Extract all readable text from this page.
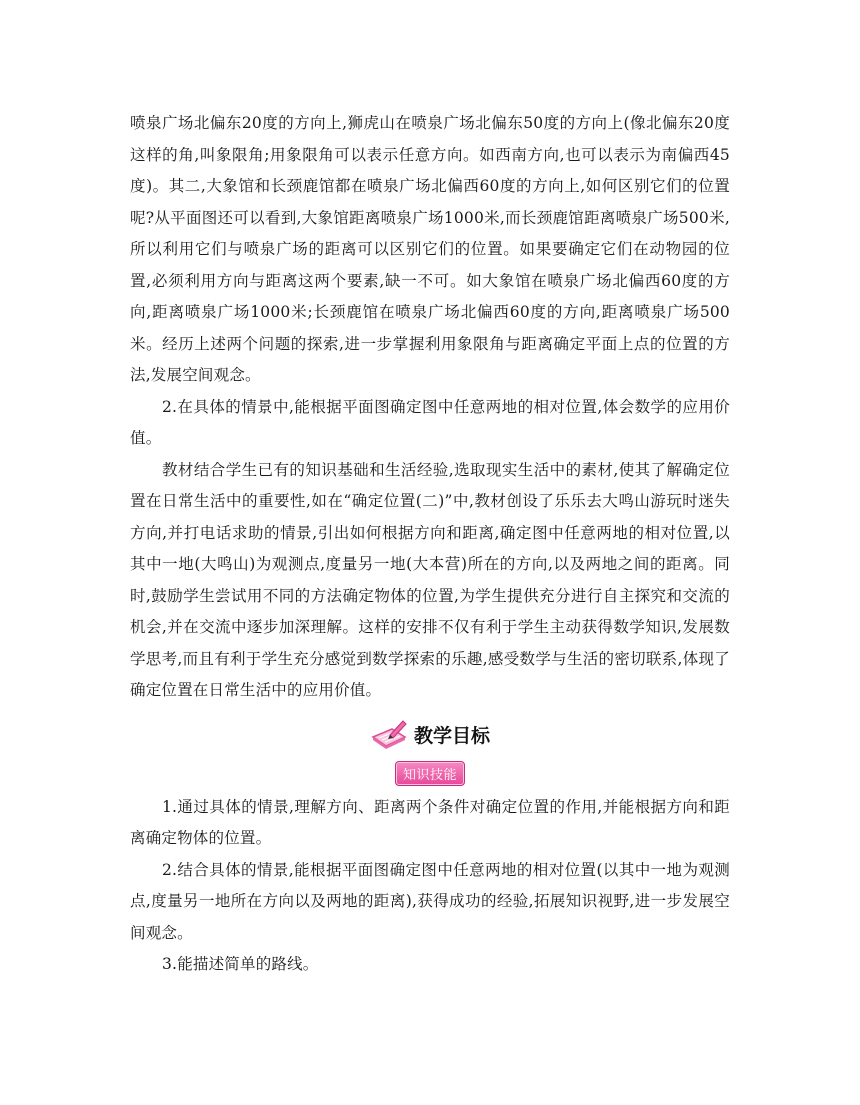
喷泉广场北偏东20度的方向上,狮虎山在喷泉广场北偏东50度的方向上(像北偏东20度这样的角,叫象限角;用象限角可以表示任意方向。如西南方向,也可以表示为南偏西45度)。其二,大象馆和长颈鹿馆都在喷泉广场北偏西60度的方向上,如何区别它们的位置呢?从平面图还可以看到,大象馆距离喷泉广场1000米,而长颈鹿馆距离喷泉广场500米,所以利用它们与喷泉广场的距离可以区别它们的位置。如果要确定它们在动物园的位置,必须利用方向与距离这两个要素,缺一不可。如大象馆在喷泉广场北偏西60度的方向,距离喷泉广场1000米;长颈鹿馆在喷泉广场北偏西60度的方向,距离喷泉广场500米。经历上述两个问题的探索,进一步掌握利用象限角与距离确定平面上点的位置的方法,发展空间观念。

2.在具体的情景中,能根据平面图确定图中任意两地的相对位置,体会数学的应用价值。

教材结合学生已有的知识基础和生活经验,选取现实生活中的素材,使其了解确定位置在日常生活中的重要性,如在“确定位置(二)”中,教材创设了乐乐去大鸣山游玩时迷失方向,并打电话求助的情景,引出如何根据方向和距离,确定图中任意两地的相对位置,以其中一地(大鸣山)为观测点,度量另一地(大本营)所在的方向,以及两地之间的距离。同时,鼓励学生尝试用不同的方法确定物体的位置,为学生提供充分进行自主探究和交流的机会,并在交流中逐步加深理解。这样的安排不仅有利于学生主动获得数学知识,发展数学思考,而且有利于学生充分感觉到数学探索的乐趣,感受数学与生活的密切联系,体现了确定位置在日常生活中的应用价值。

教学目标
知识技能

1.通过具体的情景,理解方向、距离两个条件对确定位置的作用,并能根据方向和距离确定物体的位置。

2.结合具体的情景,能根据平面图确定图中任意两地的相对位置(以其中一地为观测点,度量另一地所在方向以及两地的距离),获得成功的经验,拓展知识视野,进一步发展空间观念。

3.能描述简单的路线。
